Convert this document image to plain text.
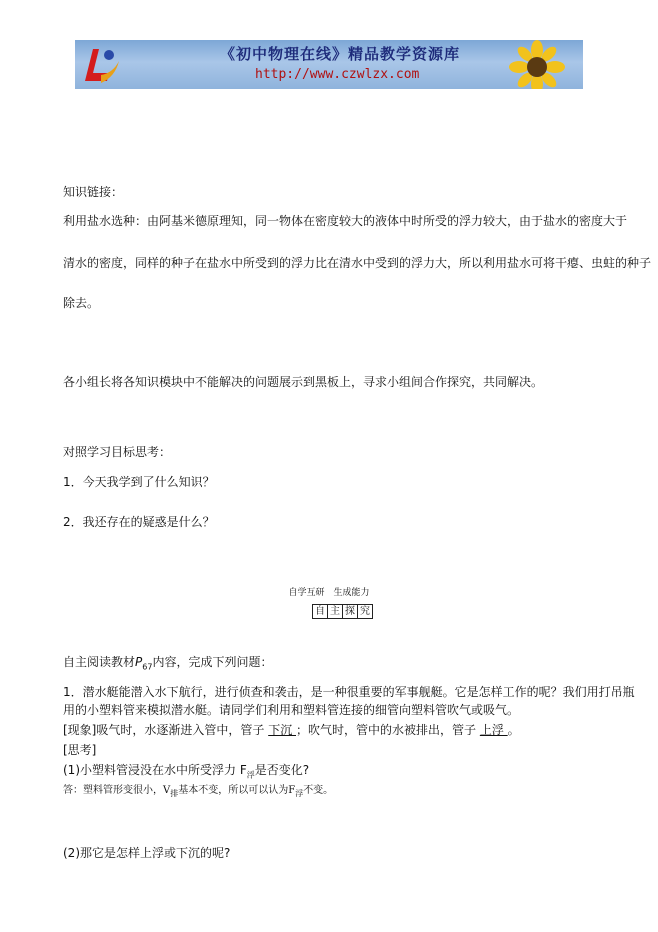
《初中物理在线》精品教学资源库
http://www.czwlzx.com
知识链接：
利用盐水选种：由阿基米德原理知，同一物体在密度较大的液体中时所受的浮力较大，由于盐水的密度大于
清水的密度，同样的种子在盐水中所受到的浮力比在清水中受到的浮力大，所以利用盐水可将干瘪、虫蛀的种子
除去。
各小组长将各知识模块中不能解决的问题展示到黑板上，寻求小组间合作探究，共同解决。
对照学习目标思考：
1．今天我学到了什么知识？
2．我还存在的疑惑是什么？
自学互研　生成能力
自 主 探 究
自主阅读教材$P_{67}$内容，完成下列问题：
1．潜水艇能潜入水下航行，进行侦查和袭击，是一种很重要的军事舰艇。它是怎样工作的呢？我们用打吊瓶
用的小塑料管来模拟潜水艇。请同学们利用和塑料管连接的细管向塑料管吹气或吸气。
[现象]吸气时，水逐渐进入管中，管子 下沉 ；吹气时，管中的水被排出，管子 上浮 。
[思考]
(1)小塑料管浸没在水中所受浮力 $F_浮$是否变化?
答：塑料管形变很小，$V_排$基本不变，所以可以认为$F_浮$不变。
(2)那它是怎样上浮或下沉的呢?
